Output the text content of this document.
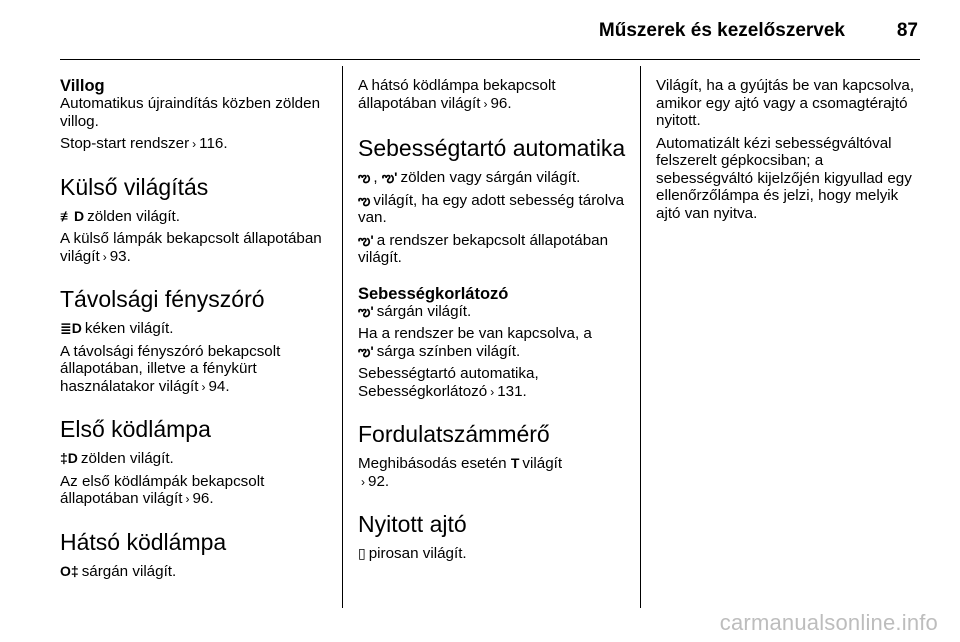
Műszerek és kezelőszervek	87
Villog

Automatikus újraindítás közben zölden villog.

Stop-start rendszer › 116.

Külső világítás

≢D zölden világít.

A külső lámpák bekapcsolt állapotában világít › 93.

Távolsági fényszóró

≣D kéken világít.

A távolsági fényszóró bekapcsolt állapotában, illetve a fénykürt használatakor világít › 94.

Első ködlámpa

‡D zölden világít.

Az első ködlámpák bekapcsolt állapotában világít › 96.

Hátsó ködlámpa

O‡ sárgán világít.

A hátsó ködlámpa bekapcsolt állapotában világít › 96.

Sebességtartó automatika

ఌ , ఌ' zölden vagy sárgán világít.

ఌ világít, ha egy adott sebesség tárolva van.

ఌ' a rendszer bekapcsolt állapotában világít.

Sebességkorlátozó

ఌ' sárgán világít.

Ha a rendszer be van kapcsolva, a ఌ' sárga színben világít.

Sebességtartó automatika, Sebességkorlátozó › 131.

Fordulatszámmérő

Meghibásodás esetén T világít
› 92.

Nyitott ajtó

▯ pirosan világít.

Világít, ha a gyújtás be van kapcsolva, amikor egy ajtó vagy a csomagtérajtó nyitott.

Automatizált kézi sebességváltóval felszerelt gépkocsiban; a sebességváltó kijelzőjén kigyullad egy ellenőrzőlámpa és jelzi, hogy melyik ajtó van nyitva.

carmanualsonline.info
